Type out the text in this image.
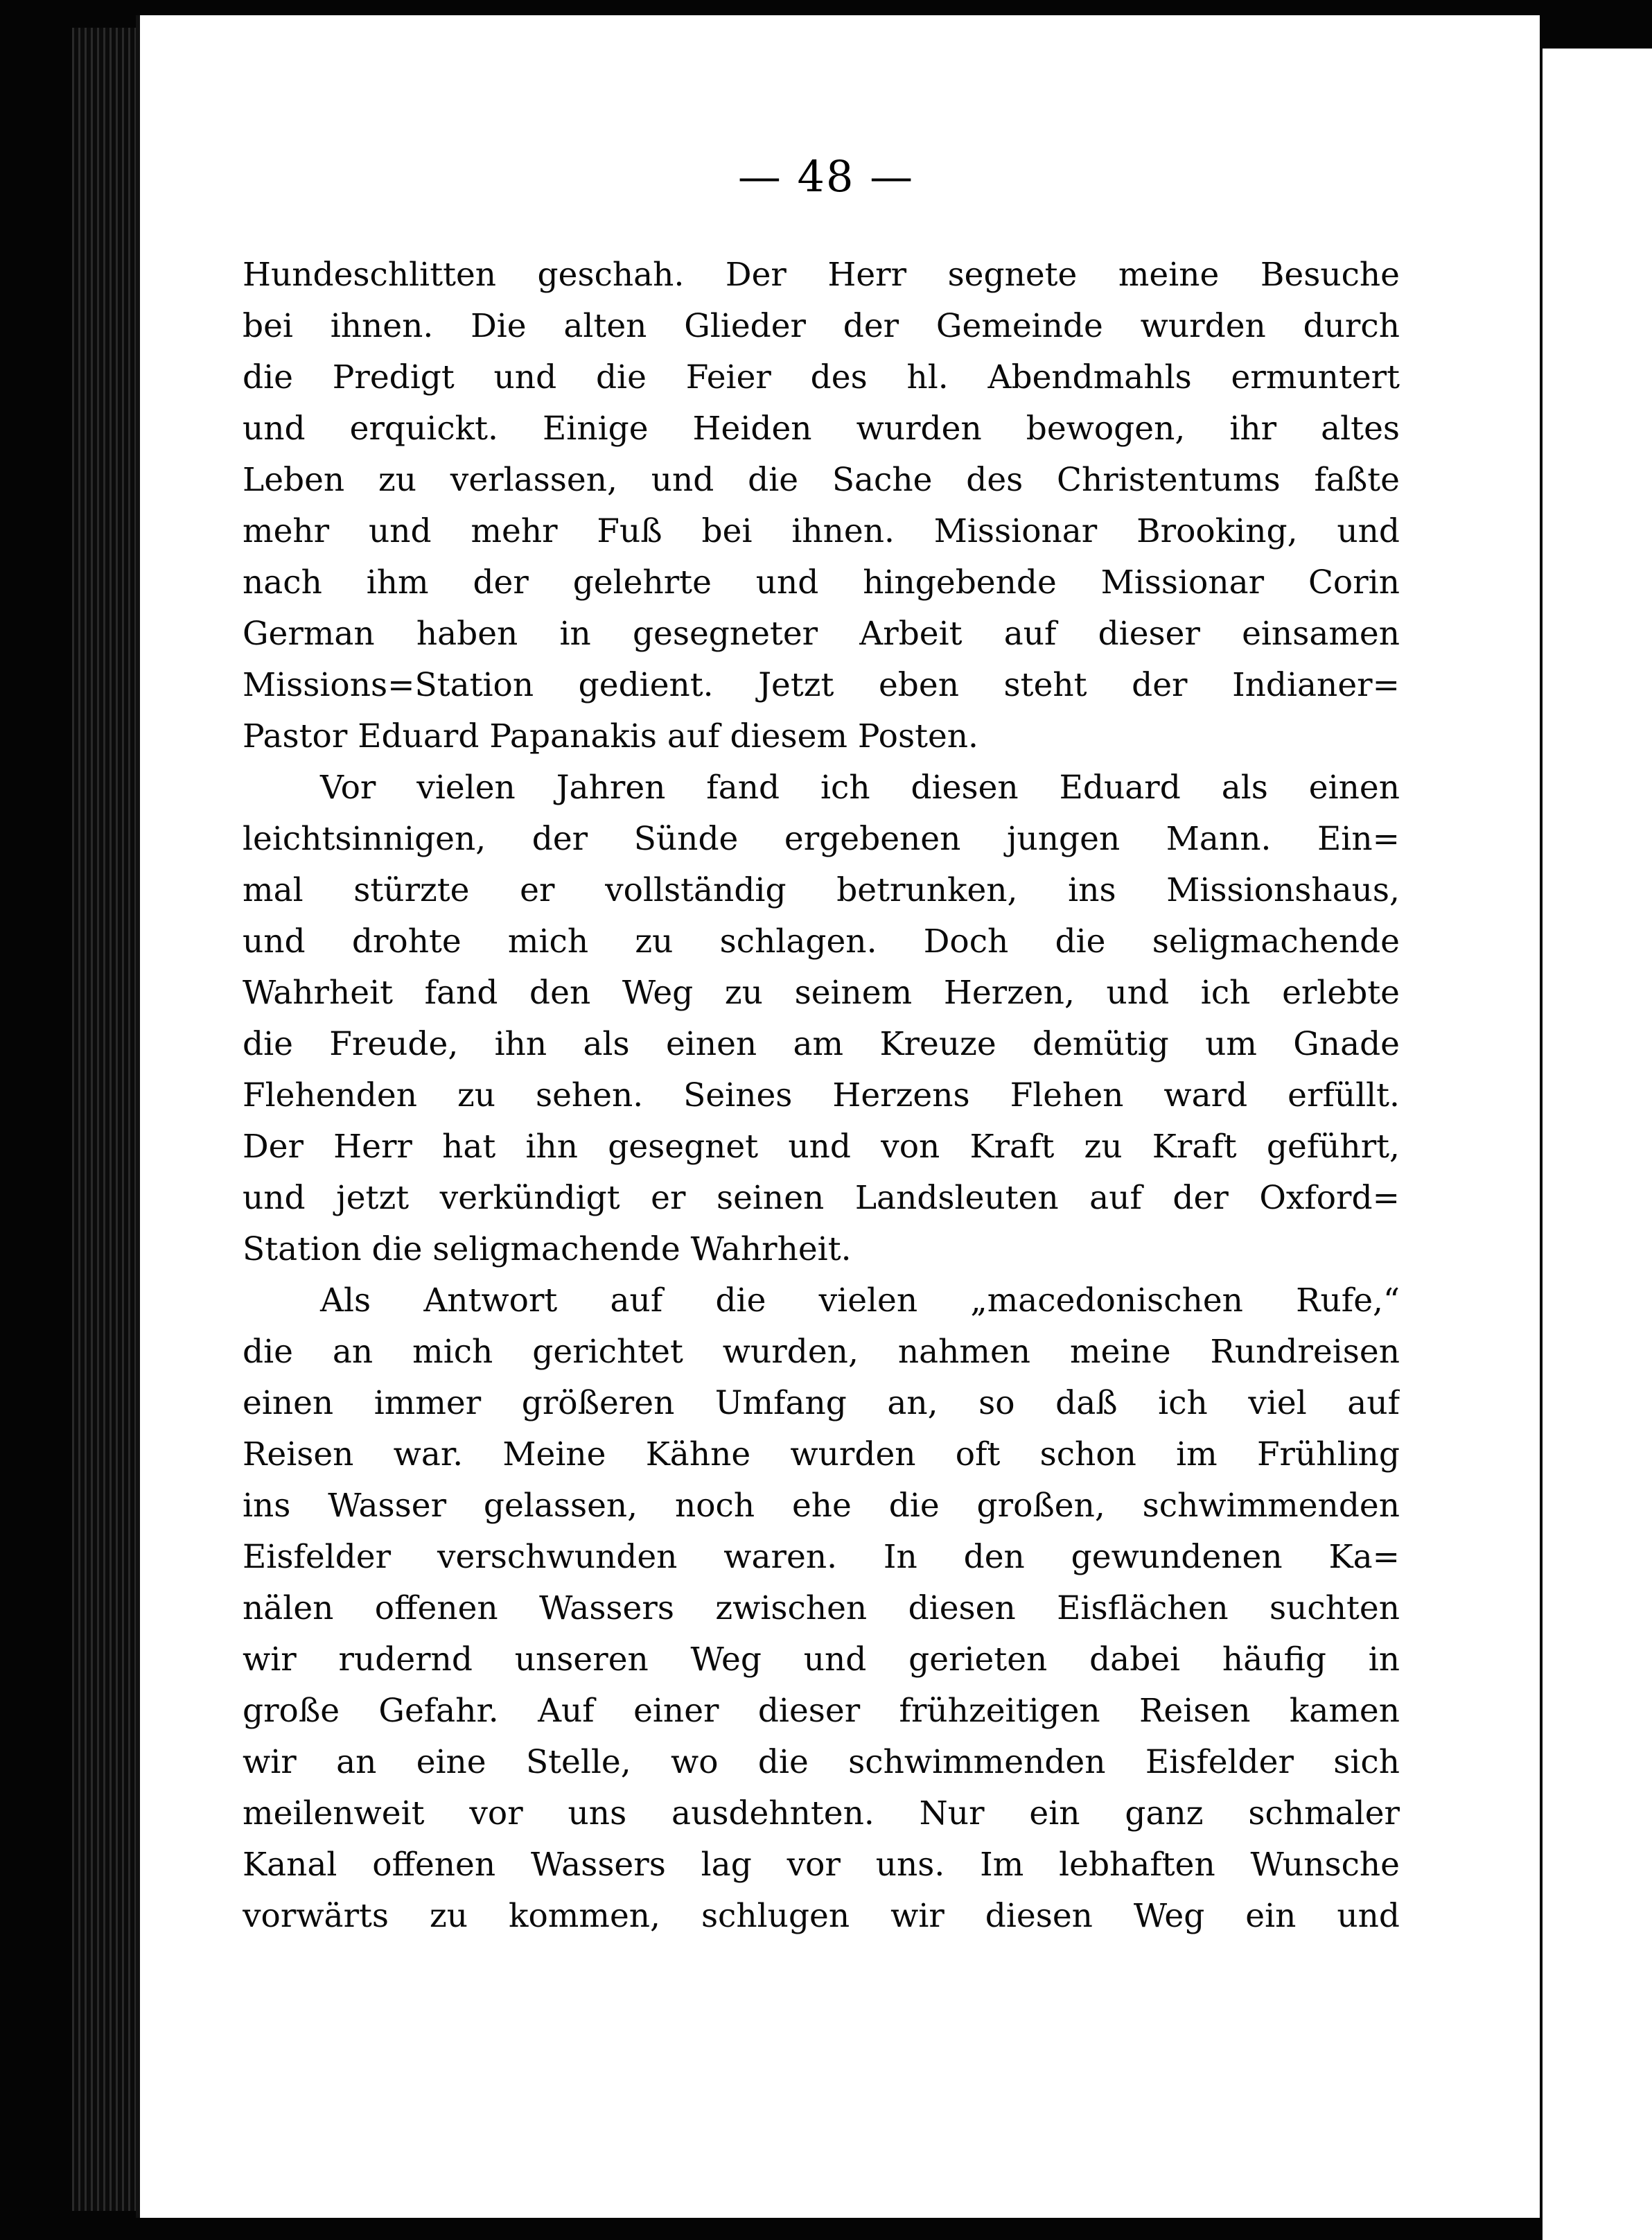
— 48 —
Hundeschlitten geschah. Der Herr segnete meine Besuche
bei ihnen. Die alten Glieder der Gemeinde wurden durch
die Predigt und die Feier des hl. Abendmahls ermuntert
und erquickt. Einige Heiden wurden bewogen, ihr altes
Leben zu verlassen, und die Sache des Christentums faßte
mehr und mehr Fuß bei ihnen. Missionar Brooking, und
nach ihm der gelehrte und hingebende Missionar Corin
German haben in gesegneter Arbeit auf dieser einsamen
Missions=Station gedient. Jetzt eben steht der Indianer=
Pastor Eduard Papanakis auf diesem Posten.
Vor vielen Jahren fand ich diesen Eduard als einen
leichtsinnigen, der Sünde ergebenen jungen Mann. Ein=
mal stürzte er vollständig betrunken, ins Missionshaus,
und drohte mich zu schlagen. Doch die seligmachende
Wahrheit fand den Weg zu seinem Herzen, und ich erlebte
die Freude, ihn als einen am Kreuze demütig um Gnade
Flehenden zu sehen. Seines Herzens Flehen ward erfüllt.
Der Herr hat ihn gesegnet und von Kraft zu Kraft geführt,
und jetzt verkündigt er seinen Landsleuten auf der Oxford=
Station die seligmachende Wahrheit.
Als Antwort auf die vielen „macedonischen Rufe,“
die an mich gerichtet wurden, nahmen meine Rundreisen
einen immer größeren Umfang an, so daß ich viel auf
Reisen war. Meine Kähne wurden oft schon im Frühling
ins Wasser gelassen, noch ehe die großen, schwimmenden
Eisfelder verschwunden waren. In den gewundenen Ka=
nälen offenen Wassers zwischen diesen Eisflächen suchten
wir rudernd unseren Weg und gerieten dabei häufig in
große Gefahr. Auf einer dieser frühzeitigen Reisen kamen
wir an eine Stelle, wo die schwimmenden Eisfelder sich
meilenweit vor uns ausdehnten. Nur ein ganz schmaler
Kanal offenen Wassers lag vor uns. Im lebhaften Wunsche
vorwärts zu kommen, schlugen wir diesen Weg ein und
